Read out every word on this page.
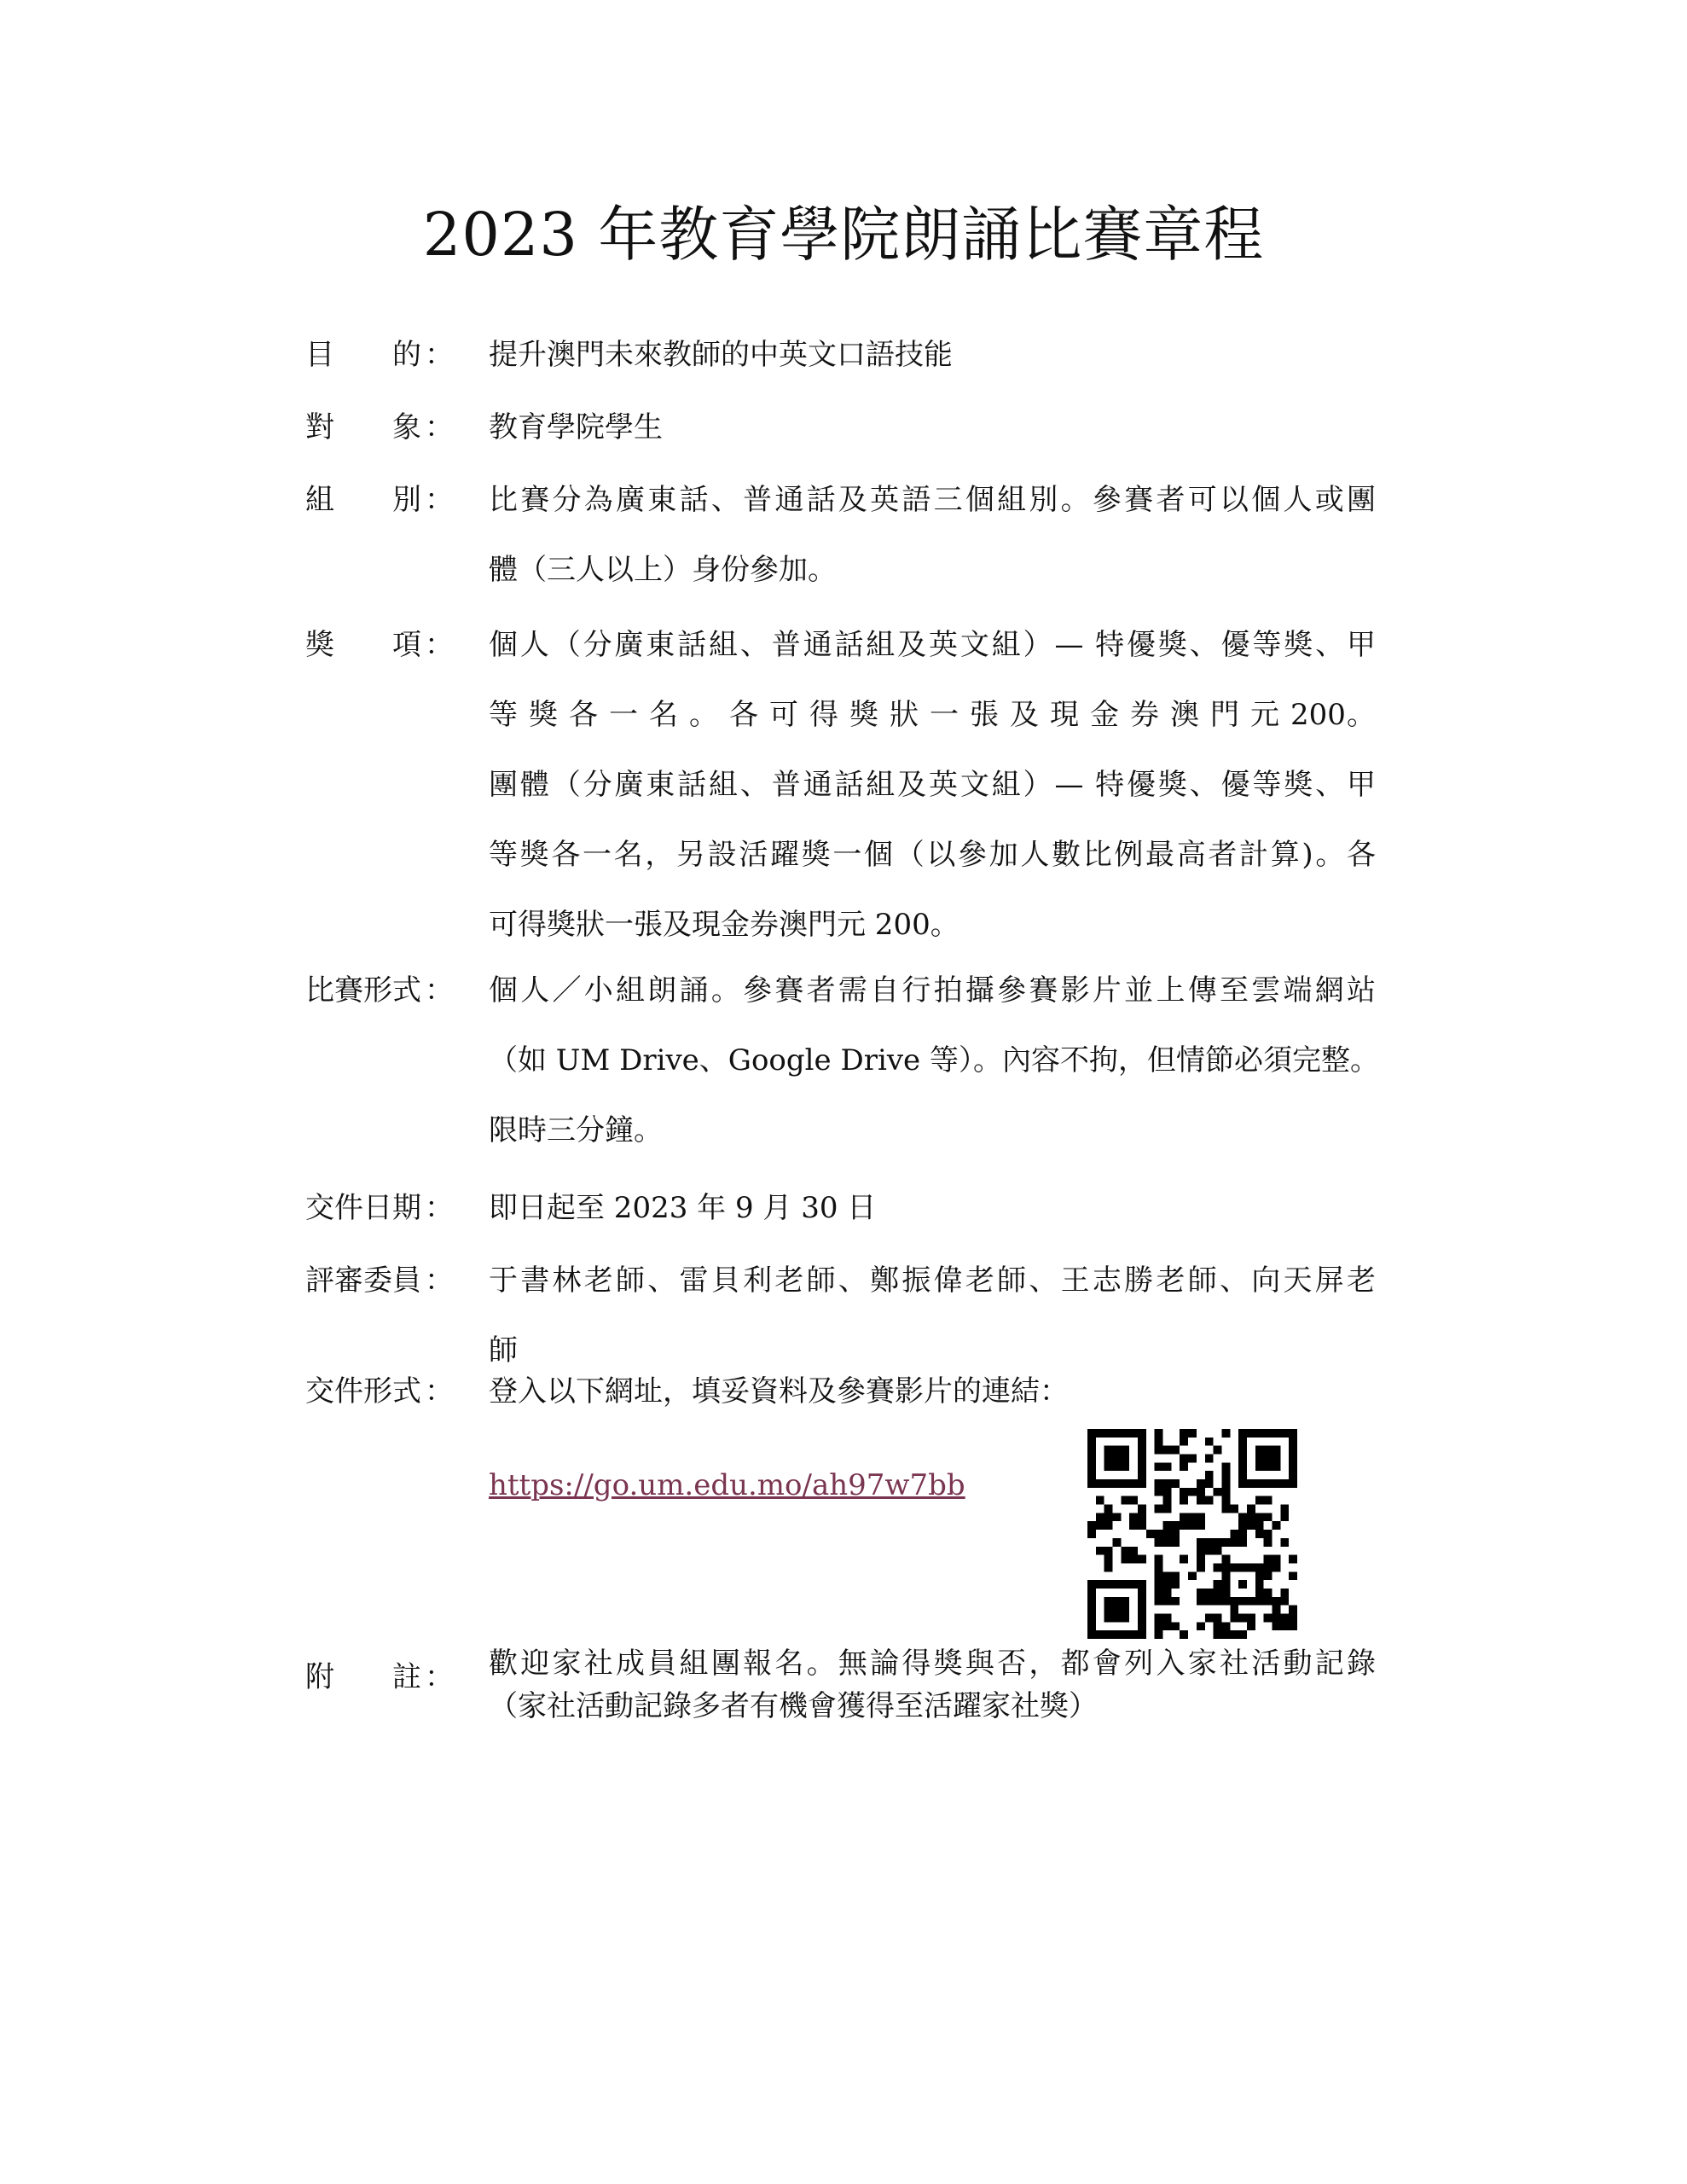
2023 年教育學院朗誦比賽章程
目 的 ： 提升澳門未來教師的中英文口語技能
對 象 ： 教育學院學生
組 別 ： 比賽分為廣東話、普通話及英語三個組別。參賽者可以個人或團
體（三人以上）身份參加。
獎 項 ： 個人（分廣東話組、普通話組及英文組）— 特優獎、優等獎、甲
等 獎 各 一 名 。 各 可 得 獎 狀 一 張 及 現 金 券 澳 門 元 200。
團體（分廣東話組、普通話組及英文組）— 特優獎、優等獎、甲
等獎各一名，另設活躍獎一個（以參加人數比例最高者計算)。各
可得獎狀一張及現金券澳門元 200。
比 賽 形 式 ： 個人／小組朗誦。參賽者需自行拍攝參賽影片並上傳至雲端網站
（如 UM Drive、Google Drive 等）。內容不拘，但情節必須完整。
限時三分鐘。
交 件 日 期 ： 即日起至 2023 年 9 月 30 日
評 審 委 員 ： 于書林老師、雷貝利老師、鄭振偉老師、王志勝老師、向天屏老
師
交 件 形 式 ： 登入以下網址，填妥資料及參賽影片的連結：
附 註 ： 歡迎家社成員組團報名。無論得獎與否，都會列入家社活動記錄
（家社活動記錄多者有機會獲得至活躍家社獎）
https://go.um.edu.mo/ah97w7bb
